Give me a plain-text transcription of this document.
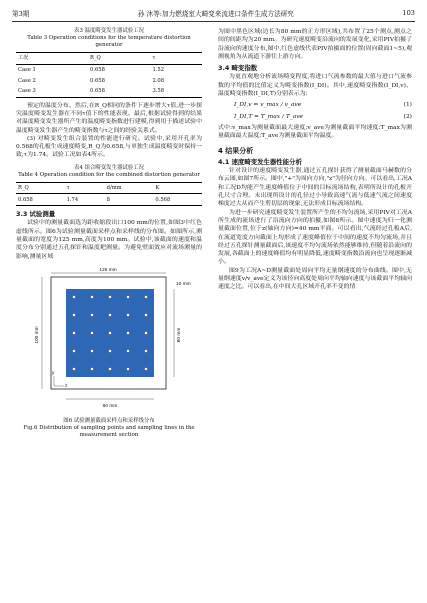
第3期	孙 沐等:加力燃烧室大畸变来流进口条件生成方法研究	103

表3 温度畸变发生器试验工况

Table 3 Operation conditions for the temperature distortion generator

工况	R_Q	τ
Case 1	0.658	1.52
Case 2	0.658	2.08
Case 3	0.658	3.58

预定的温度分布。然后,在R_Q相同的条件下逐步增大τ值,进一步探究温度畸变发生器在不同τ值下的性能表现。最后,根据试验得到的结果对温度畸变发生器所产生的温度畸变指数进行建模,得到用于描述试验中温度畸变发生器产生的畸变指数与τ之间的经验关系式。

(3) 对畸变发生组合装置的性能进行研究。试验中,采用开孔率为0.568的孔板生成速度畸变,R_Q为0.658,与单独生成温度畸变时保持一致;τ为1.74。试验工况如表4所示。

表4 组合畸变发生器试验工况

Table 4 Operation condition for the combined distortion generator

R_Q	τ	d/mm	K
0.658	1.74	8	0.568
3.3 试验测量

试验中的测量截面选为距收缩段出口100 mm的位置,如图3中红色虚线所示。图6为试验测量截面采样点和采样线的分布图。如图所示,测量截面的宽度为125 mm,高度为100 mm。试验中,该截面的速度和温度分布分别通过五孔探针和温度耙测量。为避免壁面效应对流场测量的影响,测量区域

125 mm
100 mm	80 mm
10 mm
80 mm
y
z

图6 试验测量截面采样点和采样线分布

Fig.6 Distribution of sampling points and sampling lines in the measurement section

为图中黑色区域(边长为80 mm的正方形区域),共布置了25个测点,测点之间的间距均为20 mm。为研究速度畸变沿流向的发展变化,采用PIV拍摄了沿流向的速度分布,图中,红色虚线代表PIV拍摄面的位置(周向截面1~5),观测视角为从流道下游往上游方向。

3.4 畸变指数

为更直观地分析流场畸变程度,将进口气流参数的最大值与进口气流参数的平均值的比值定义为畸变指数(I_DI)。其中,速度畸变指数(I_DI,v)、温度畸变指数(I_DI,T)分别表示为:

I_DI,v = v_max / v_ave	(1)
I_DI,T = T_max / T_ave	(2)

式中:v_max为测量截面最大速度;v_ave为测量截面平均速度;T_max为测量截面最大温度;T_ave为测量截面平均温度。

4 结果分析
4.1 速度畸变发生器性能分析

针对设计的速度畸变发生器,通过五孔探针获得了测量截面马赫数的分布云图,如图7所示。图中,"+"为周向方向,"z"为径向方向。可以看出,工况A和工况D均能产生速度峰值位于中间的目标流场结构,表明所设计的孔板开孔尺寸合理。未出现所设计的孔径过小导致高速气流与低速气流之间速度梯度过大从而产生剪切层的现象,无法形成目标流场结构。

为进一步研究速度畸变发生装置所产生的不均匀流场,采用PIV对工况A所生成的流场进行了沿流向方向的拍摄,如图8所示。图中速度为归一化测量截面位置,位于z(轴向方向)=40 mm平面。可以看出,气流经过孔板A后,在流道宽度方向截面上均形成了速度峰值位于中间的速度不均匀流场,并且经过五孔探针测量截面后,该速度不均匀流场依然能够维持,但随着沿流向的发展,各截面上的速度峰值均有明显降低,速度畸变指数沿流向也呈现逐渐减小。

图9为工况A~D测量截面处周向平均无量纲速度的分布曲线。图中,无量纲速度v/v_ave定义为该径向高度处周向平均轴向速度与该截面平均轴向速度之比。可以看出,在中间大孔区域开孔率不变的情
